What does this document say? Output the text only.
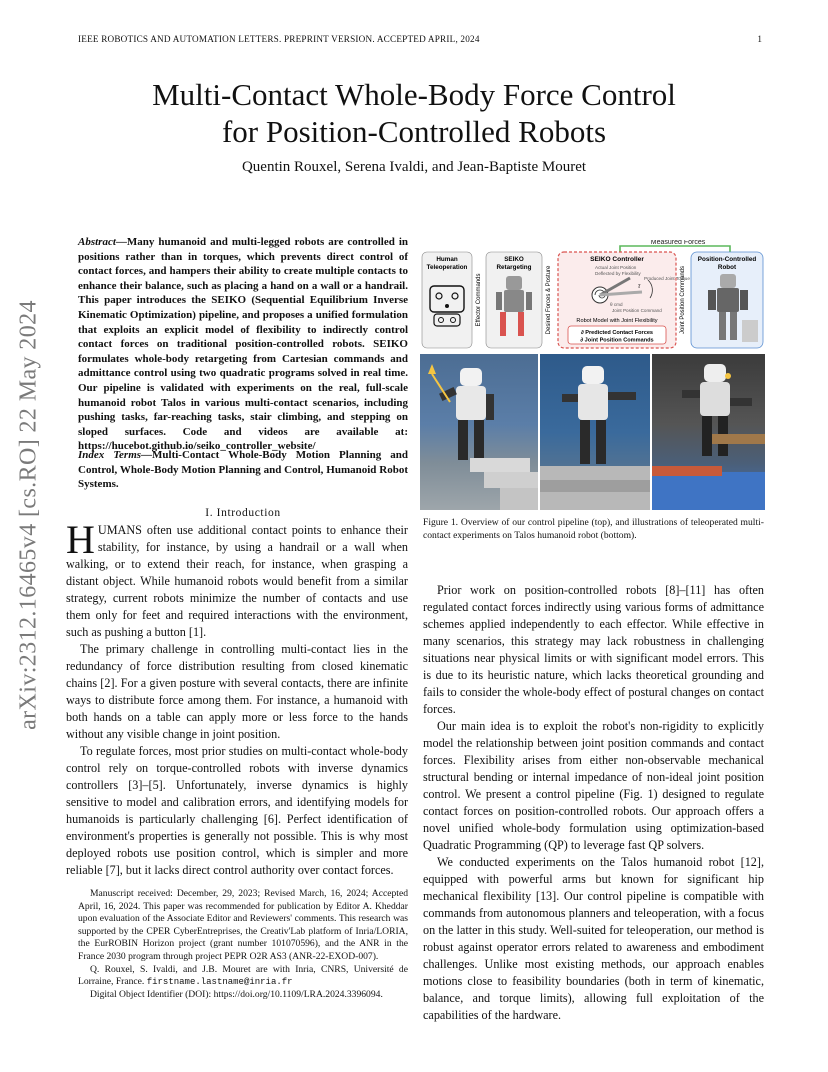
IEEE ROBOTICS AND AUTOMATION LETTERS. PREPRINT VERSION. ACCEPTED APRIL, 2024	1
Multi-Contact Whole-Body Force Control
for Position-Controlled Robots
Quentin Rouxel, Serena Ivaldi, and Jean-Baptiste Mouret
arXiv:2312.16465v4 [cs.RO] 22 May 2024
Abstract—Many humanoid and multi-legged robots are controlled in positions rather than in torques, which prevents direct control of contact forces, and hampers their ability to create multiple contacts to enhance their balance, such as placing a hand on a wall or a handrail. This paper introduces the SEIKO (Sequential Equilibrium Inverse Kinematic Optimization) pipeline, and proposes a unified formulation that exploits an explicit model of flexibility to indirectly control contact forces on traditional position-controlled robots. SEIKO formulates whole-body retargeting from Cartesian commands and admittance control using two quadratic programs solved in real time. Our pipeline is validated with experiments on the real, full-scale humanoid robot Talos in various multi-contact scenarios, including pushing tasks, far-reaching tasks, stair climbing, and stepping on sloped surfaces. Code and videos are available at: https://hucebot.github.io/seiko_controller_website/
Index Terms—Multi-Contact Whole-Body Motion Planning and Control, Whole-Body Motion Planning and Control, Humanoid Robot Systems.
I. Introduction

HUMANS often use additional contact points to enhance their stability, for instance, by using a handrail or a wall when walking, or to extend their reach, for instance, when grasping a distant object. While humanoid robots would benefit from a similar strategy, current robots minimize the number of contacts and use them only for feet and required interactions with the environment, such as pushing a button [1].

The primary challenge in controlling multi-contact lies in the redundancy of force distribution resulting from closed kinematic chains [2]. For a given posture with several contacts, there are infinite ways to distribute force among them. For instance, a humanoid with both hands on a table can apply more or less force to the hands without any visible change in joint position.

To regulate forces, most prior studies on multi-contact whole-body control rely on torque-controlled robots with inverse dynamics controllers [3]–[5]. Unfortunately, inverse dynamics is highly sensitive to model and calibration errors, and identifying models for humanoids is particularly challenging [6]. Perfect identification of environment's properties is generally not possible. This is why most deployed robots use position control, which is simpler and more reliable [7], but it lacks direct control authority over contact forces.

Manuscript received: December, 29, 2023; Revised March, 16, 2024; Accepted April, 16, 2024. This paper was recommended for publication by Editor A. Kheddar upon evaluation of the Associate Editor and Reviewers' comments. This research was supported by the CPER CyberEntreprises, the Creativ'Lab platform of Inria/LORIA, the EurROBIN Horizon project (grant number 101070596), and the ANR in the France 2030 program through project PEPR O2R AS3 (ANR-22-EXOD-007).
Q. Rouxel, S. Ivaldi, and J.B. Mouret are with Inria, CNRS, Université de Lorraine, France. firstname.lastname@inria.fr
Digital Object Identifier (DOI): https://doi.org/10.1109/LRA.2024.3396094.
Measured Forces
Human
Teleoperation
Effector Commands
SEIKO
Retargeting Desired Forces & Posture
SEIKO Controller
Actual Joint Position
Deflected by Flexibility
τ
Produced Joint Torque
θ cmd
Joint Position Command
Robot Model with Joint Flexibility
∂ Predicted Contact Forces
∂ Joint Position Commands
Joint Position Commands
Position-Controlled
Robot
Figure 1. Overview of our control pipeline (top), and illustrations of teleoperated multi-contact experiments on Talos humanoid robot (bottom).

Prior work on position-controlled robots [8]–[11] has often regulated contact forces indirectly using various forms of admittance schemes applied independently to each effector. While effective in many scenarios, this strategy may lack robustness in challenging situations near physical limits or with significant model errors. This is due to its heuristic nature, which lacks theoretical grounding and fails to consider the whole-body effect of postural changes on contact forces.

Our main idea is to exploit the robot's non-rigidity to explicitly model the relationship between joint position commands and contact forces. Flexibility arises from either non-observable mechanical structural bending or internal impedance of non-ideal joint position control. We present a control pipeline (Fig. 1) designed to regulate contact forces on position-controlled robots. Our approach offers a novel unified whole-body formulation using optimization-based Quadratic Programming (QP) to leverage fast QP solvers.

We conducted experiments on the Talos humanoid robot [12], equipped with powerful arms but known for significant hip mechanical flexibility [13]. Our control pipeline is compatible with commands from autonomous planners and teleoperation, with a focus on the latter in this study. Well-suited for teleoperation, our method is robust against operator errors related to awareness and embodiment challenges. Unlike most existing methods, our approach enables motions close to feasibility boundaries (both in term of kinematic, balance, and torque limits), allowing full exploitation of the capabilities of the hardware.
